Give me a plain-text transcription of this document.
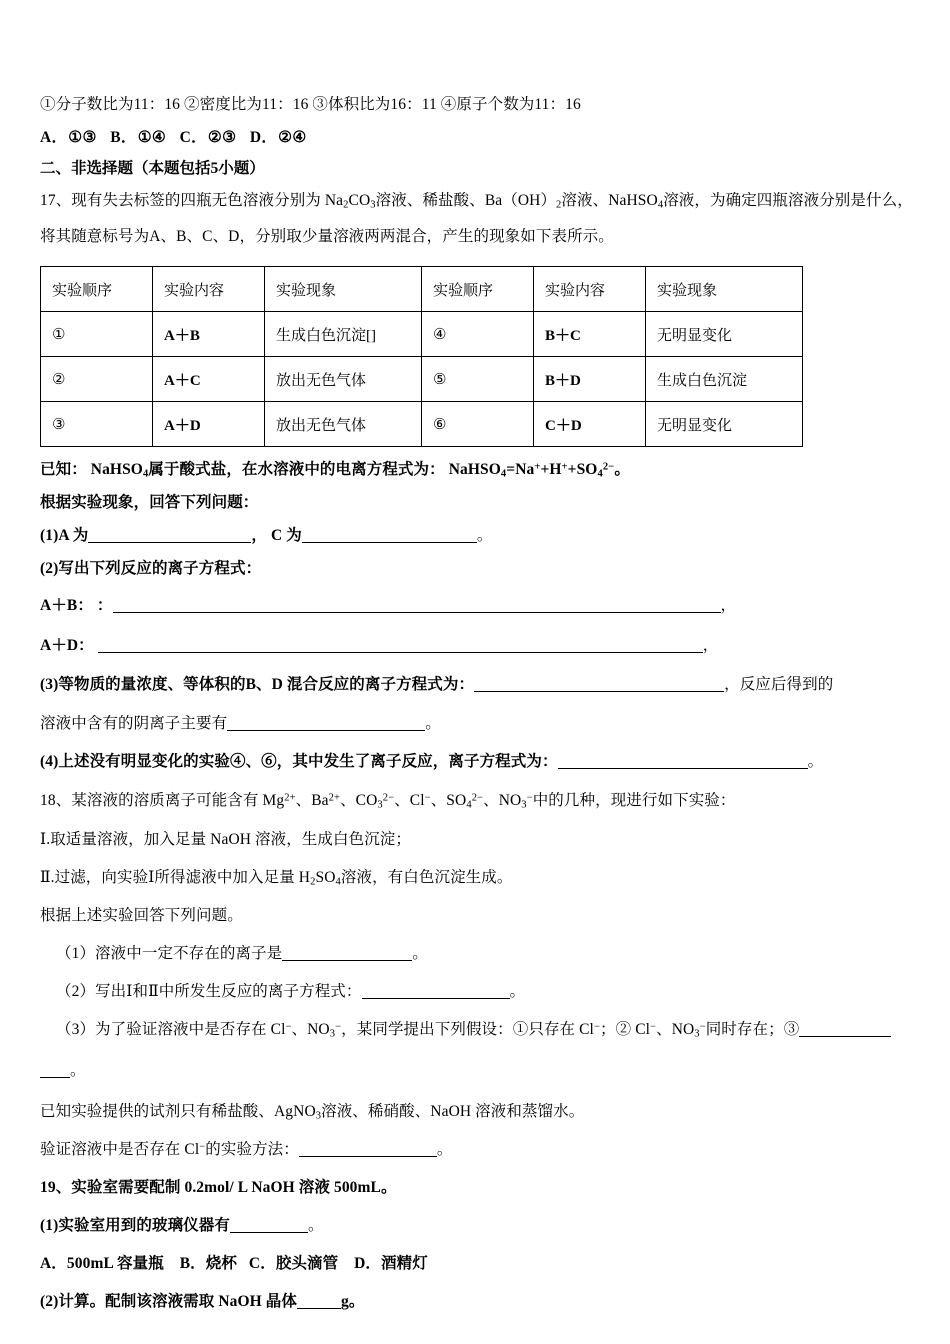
①分子数比为11：16 ②密度比为11：16 ③体积比为16：11 ④原子个数为11：16
A．①③ B．①④ C．②③ D．②④
二、非选择题（本题包括5小题）
17、现有失去标签的四瓶无色溶液分别为 $Na_2CO_3$溶液、稀盐酸、$Ba(OH)_2$溶液、NaHSO$_4$溶液，为确定四瓶溶液分别是什么，
将其随意标号为A、B、C、D，分别取少量溶液两两混合，产生的现象如下表所示。
实验顺序	实验内容	实验现象	实验顺序	实验内容	实验现象
①	A＋B	生成白色沉淀[]	④	B＋C	无明显变化
②	A＋C	放出无色气体	⑤	B＋D	生成白色沉淀
③	A＋D	放出无色气体	⑥	C＋D	无明显变化
已知： NaHSO$_4$属于酸式盐，在水溶液中的电离方程式为： $NaHSO_4=Na^++H^++SO_4^{2-}$。
根据实验现象，回答下列问题：
(1)A 为	， C 为	。
(2)写出下列反应的离子方程式：
A＋B： ：	，
A＋D：	，
(3)等物质的量浓度、等体积的B、D 混合反应的离子方程式为：	，反应后得到的
溶液中含有的阴离子主要有	。
(4)上述没有明显变化的实验④、⑥，其中发生了离子反应，离子方程式为：	。
18、某溶液的溶质离子可能含有 $Mg^{2+}$、$Ba^{2+}$、$CO_3^{2-}$、Cl−、$SO_4^{2-}$、$NO_3^-$中的几种，现进行如下实验：
Ⅰ.取适量溶液，加入足量 NaOH 溶液，生成白色沉淀；
Ⅱ.过滤，向实验Ⅰ所得滤液中加入足量 $H_2SO_4$溶液，有白色沉淀生成。
根据上述实验回答下列问题。
（1）溶液中一定不存在的离子是	。
（2）写出Ⅰ和Ⅱ中所发生反应的离子方程式：	。
（3）为了验证溶液中是否存在 Cl−、$NO_3^-$，某同学提出下列假设：①只存在 Cl−；② Cl−、$NO_3^-$同时存在；③
。
已知实验提供的试剂只有稀盐酸、AgNO$_3$溶液、稀硝酸、NaOH 溶液和蒸馏水。
验证溶液中是否存在 Cl−的实验方法：	。
19、实验室需要配制 0.2mol/ L NaOH 溶液 500mL。
(1)实验室用到的玻璃仪器有	。
A．500mL 容量瓶 B．烧杯 C．胶头滴管 D．酒精灯
(2)计算。配制该溶液需取 NaOH 晶体	g。
